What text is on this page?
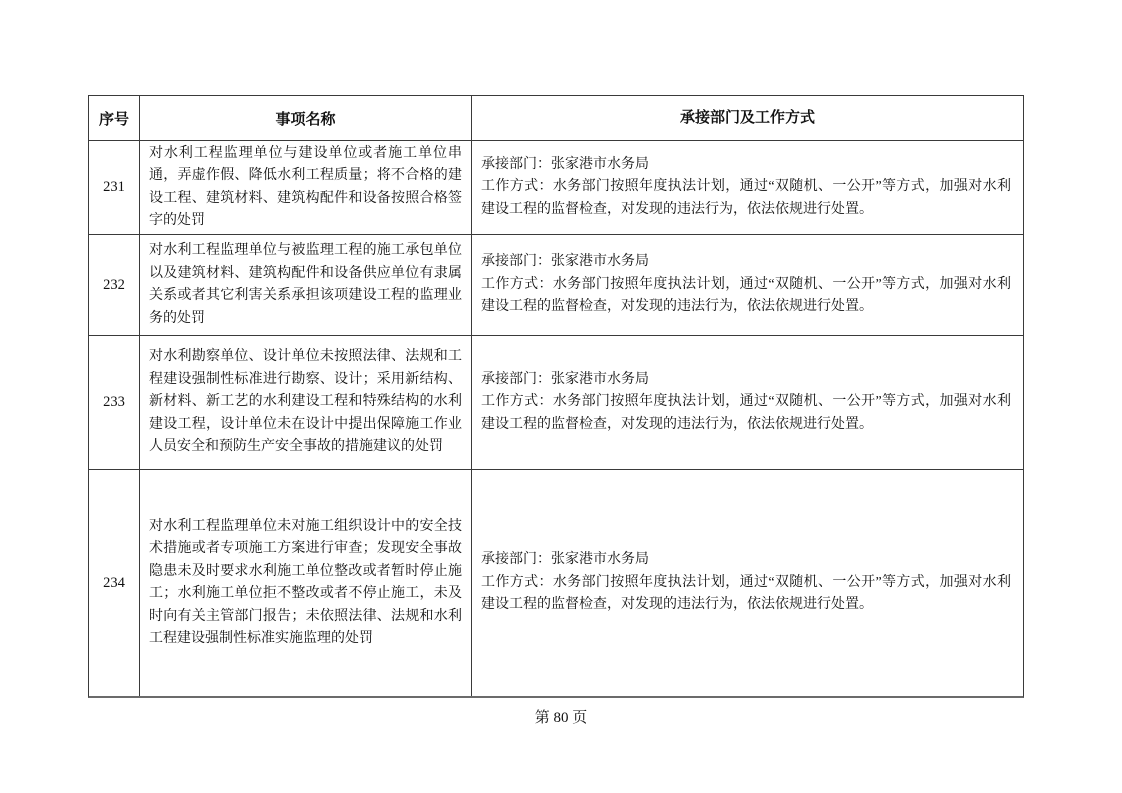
序号	事项名称	承接部门及工作方式
231
对水利工程监理单位与建设单位或者施工单位串通，弄虚作假、降低水利工程质量；将不合格的建设工程、建筑材料、建筑构配件和设备按照合格签字的处罚
承接部门：张家港市水务局
工作方式：水务部门按照年度执法计划，通过“双随机、一公开”等方式，加强对水利建设工程的监督检查，对发现的违法行为，依法依规进行处置。
232
对水利工程监理单位与被监理工程的施工承包单位以及建筑材料、建筑构配件和设备供应单位有隶属关系或者其它利害关系承担该项建设工程的监理业务的处罚
承接部门：张家港市水务局
工作方式：水务部门按照年度执法计划，通过“双随机、一公开”等方式，加强对水利建设工程的监督检查，对发现的违法行为，依法依规进行处置。
233
对水利勘察单位、设计单位未按照法律、法规和工程建设强制性标准进行勘察、设计；采用新结构、新材料、新工艺的水利建设工程和特殊结构的水利建设工程，设计单位未在设计中提出保障施工作业人员安全和预防生产安全事故的措施建议的处罚
承接部门：张家港市水务局
工作方式：水务部门按照年度执法计划，通过“双随机、一公开”等方式，加强对水利建设工程的监督检查，对发现的违法行为，依法依规进行处置。
234
对水利工程监理单位未对施工组织设计中的安全技术措施或者专项施工方案进行审查；发现安全事故隐患未及时要求水利施工单位整改或者暂时停止施工；水利施工单位拒不整改或者不停止施工，未及时向有关主管部门报告；未依照法律、法规和水利工程建设强制性标准实施监理的处罚
承接部门：张家港市水务局
工作方式：水务部门按照年度执法计划，通过“双随机、一公开”等方式，加强对水利建设工程的监督检查，对发现的违法行为，依法依规进行处置。
第 80 页
